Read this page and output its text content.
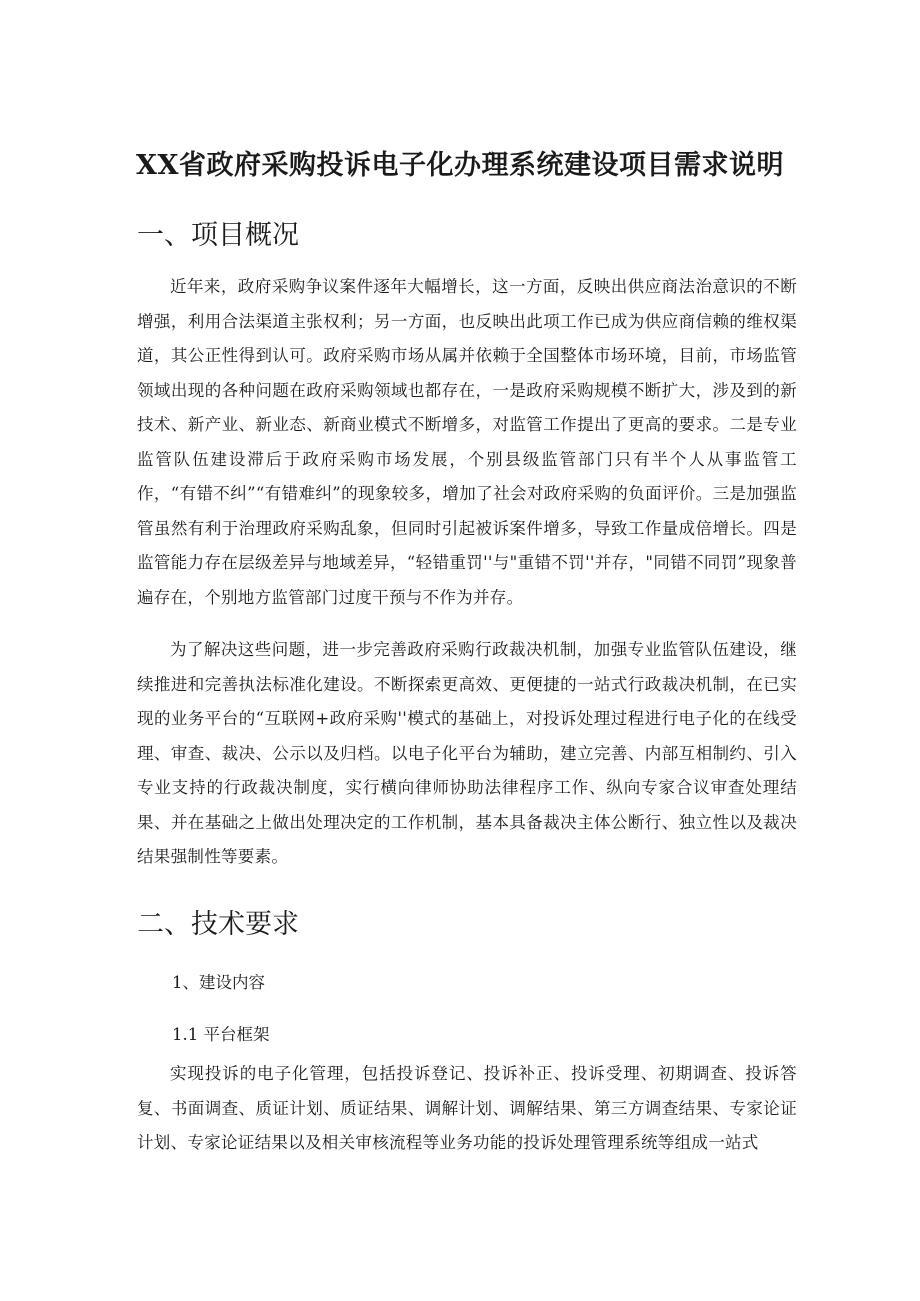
XX省政府采购投诉电子化办理系统建设项目需求说明
一、项目概况

近年来，政府采购争议案件逐年大幅增长，这一方面，反映出供应商法治意识的不断增强，利用合法渠道主张权利；另一方面，也反映出此项工作已成为供应商信赖的维权渠道，其公正性得到认可。政府采购市场从属并依赖于全国整体市场环境，目前，市场监管领域出现的各种问题在政府采购领域也都存在，一是政府采购规模不断扩大，涉及到的新技术、新产业、新业态、新商业模式不断增多，对监管工作提出了更高的要求。二是专业监管队伍建设滞后于政府采购市场发展，个别县级监管部门只有半个人从事监管工作，“有错不纠”“有错难纠”的现象较多，增加了社会对政府采购的负面评价。三是加强监管虽然有利于治理政府采购乱象，但同时引起被诉案件增多，导致工作量成倍增长。四是监管能力存在层级差异与地域差异，“轻错重罚''与"重错不罚''并存，"同错不同罚”现象普遍存在，个别地方监管部门过度干预与不作为并存。

为了解决这些问题，进一步完善政府采购行政裁决机制，加强专业监管队伍建设，继续推进和完善执法标准化建设。不断探索更高效、更便捷的一站式行政裁决机制，在已实现的业务平台的“互联网+政府采购''模式的基础上，对投诉处理过程进行电子化的在线受理、审查、裁决、公示以及归档。以电子化平台为辅助，建立完善、内部互相制约、引入专业支持的行政裁决制度，实行横向律师协助法律程序工作、纵向专家合议审查处理结果、并在基础之上做出处理决定的工作机制，基本具备裁决主体公断行、独立性以及裁决结果强制性等要素。

二、技术要求
1、建设内容
1.1 平台框架

实现投诉的电子化管理，包括投诉登记、投诉补正、投诉受理、初期调查、投诉答复、书面调查、质证计划、质证结果、调解计划、调解结果、第三方调查结果、专家论证计划、专家论证结果以及相关审核流程等业务功能的投诉处理管理系统等组成一站式
